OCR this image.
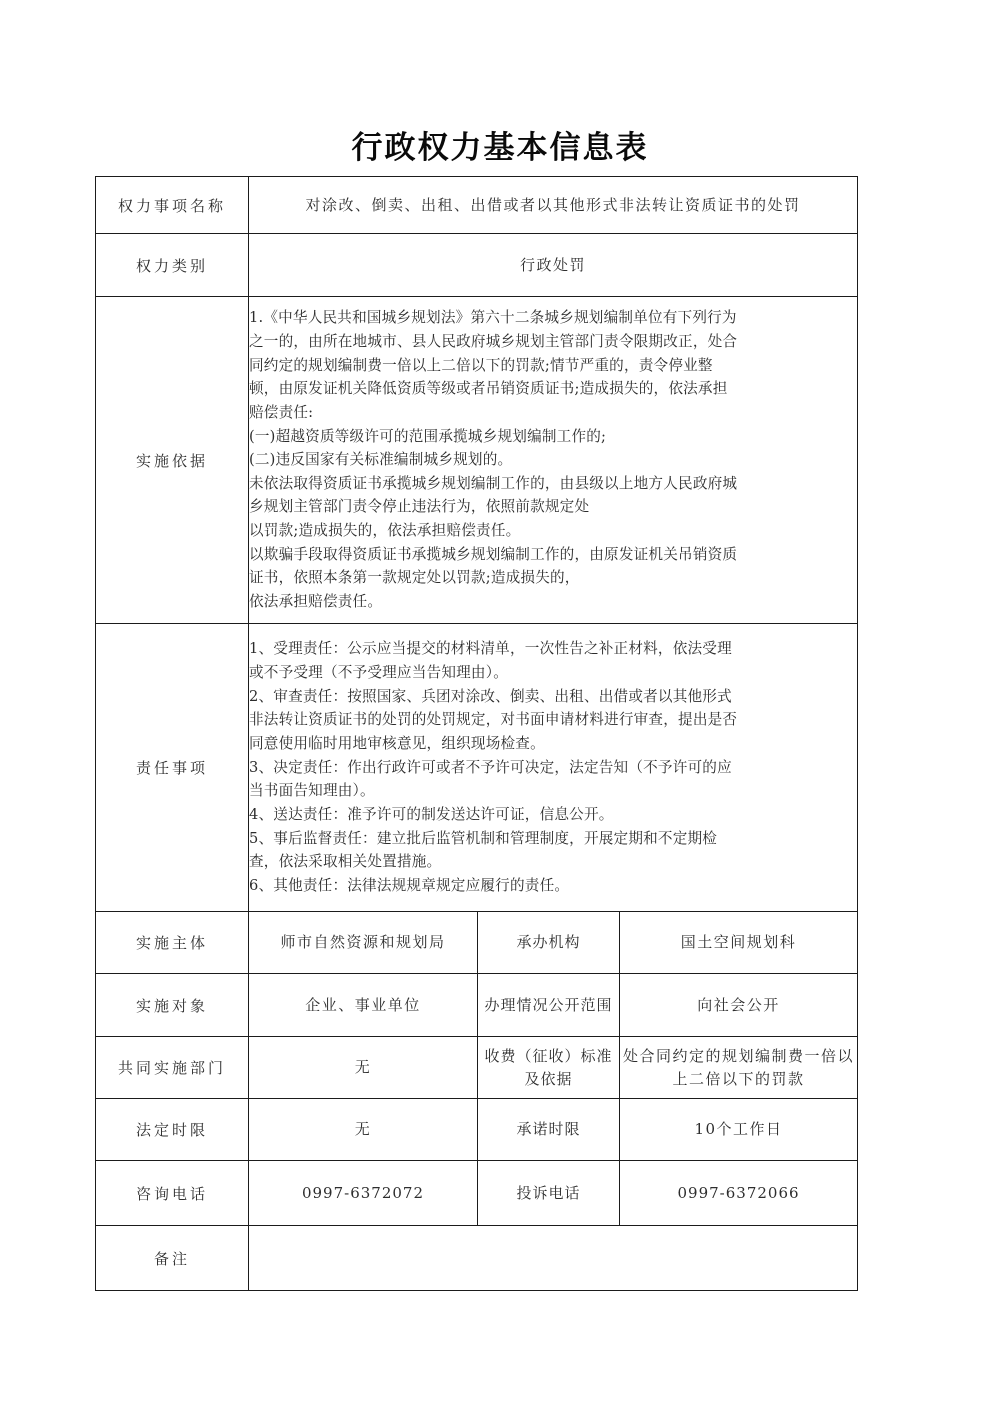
行政权力基本信息表
权力事项名称	对涂改、倒卖、出租、出借或者以其他形式非法转让资质证书的处罚		
权力类别	行政处罚		
实施依据	
1.《中华人民共和国城乡规划法》第六十二条城乡规划编制单位有下列行为
之一的，由所在地城市、县人民政府城乡规划主管部门责令限期改正，处合
同约定的规划编制费一倍以上二倍以下的罚款;情节严重的，责令停业整
顿，由原发证机关降低资质等级或者吊销资质证书;造成损失的，依法承担
赔偿责任:
(一)超越资质等级许可的范围承揽城乡规划编制工作的;
(二)违反国家有关标准编制城乡规划的。
未依法取得资质证书承揽城乡规划编制工作的，由县级以上地方人民政府城
乡规划主管部门责令停止违法行为，依照前款规定处
以罚款;造成损失的，依法承担赔偿责任。
以欺骗手段取得资质证书承揽城乡规划编制工作的，由原发证机关吊销资质
证书，依照本条第一款规定处以罚款;造成损失的，
依法承担赔偿责任。

责任事项	
1、受理责任：公示应当提交的材料清单，一次性告之补正材料，依法受理
或不予受理（不予受理应当告知理由）。
2、审查责任：按照国家、兵团对涂改、倒卖、出租、出借或者以其他形式
非法转让资质证书的处罚的处罚规定，对书面申请材料进行审查，提出是否
同意使用临时用地审核意见，组织现场检查。
3、决定责任：作出行政许可或者不予许可决定，法定告知（不予许可的应
当书面告知理由）。
4、送达责任：准予许可的制发送达许可证，信息公开。
5、事后监督责任：建立批后监管机制和管理制度，开展定期和不定期检
查，依法采取相关处置措施。
6、其他责任：法律法规规章规定应履行的责任。

实施主体	师市自然资源和规划局	承办机构	国土空间规划科
实施对象	企业、事业单位	办理情况公开范围	向社会公开
共同实施部门	无	收费（征收）标准及依据	处合同约定的规划编制费一倍以上二倍以下的罚款
法定时限	无	承诺时限	10个工作日
咨询电话	0997-6372072	投诉电话	0997-6372066
备注			
